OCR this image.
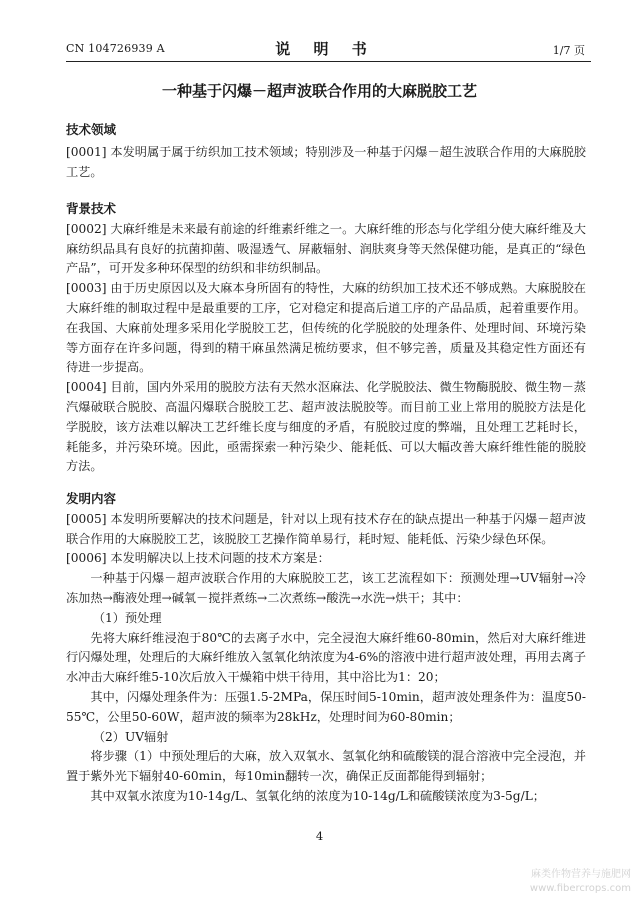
CN 104726939 A	说 明 书	1/7 页
一种基于闪爆－超声波联合作用的大麻脱胶工艺
技术领域
[0001] 本发明属于属于纺织加工技术领域；特别涉及一种基于闪爆－超生波联合作用的大麻脱胶工艺。
背景技术
[0002] 大麻纤维是未来最有前途的纤维素纤维之一。大麻纤维的形态与化学组分使大麻纤维及大麻纺织品具有良好的抗菌抑菌、吸湿透气、屏蔽辐射、润肤爽身等天然保健功能，是真正的“绿色产品”，可开发多种环保型的纺织和非纺织制品。
[0003] 由于历史原因以及大麻本身所固有的特性，大麻的纺织加工技术还不够成熟。大麻脱胶在大麻纤维的制取过程中是最重要的工序，它对稳定和提高后道工序的产品品质，起着重要作用。在我国、大麻前处理多采用化学脱胶工艺，但传统的化学脱胶的处理条件、处理时间、环境污染等方面存在许多问题，得到的精干麻虽然满足梳纺要求，但不够完善，质量及其稳定性方面还有待进一步提高。
[0004] 目前，国内外采用的脱胶方法有天然水沤麻法、化学脱胶法、微生物酶脱胶、微生物－蒸汽爆破联合脱胶、高温闪爆联合脱胶工艺、超声波法脱胶等。而目前工业上常用的脱胶方法是化学脱胶，该方法难以解决工艺纤维长度与细度的矛盾，有脱胶过度的弊端，且处理工艺耗时长，耗能多，并污染环境。因此，亟需探索一种污染少、能耗低、可以大幅改善大麻纤维性能的脱胶方法。
发明内容
[0005] 本发明所要解决的技术问题是，针对以上现有技术存在的缺点提出一种基于闪爆－超声波联合作用的大麻脱胶工艺，该脱胶工艺操作简单易行，耗时短、能耗低、污染少绿色环保。
[0006] 本发明解决以上技术问题的技术方案是：
一种基于闪爆－超声波联合作用的大麻脱胶工艺，该工艺流程如下：预测处理→UV辐射→冷冻加热→酶液处理→碱氧－搅拌煮练→二次煮练→酸洗→水洗→烘干；其中：
（1）预处理
先将大麻纤维浸泡于80℃的去离子水中，完全浸泡大麻纤维60-80min，然后对大麻纤维进行闪爆处理，处理后的大麻纤维放入氢氧化纳浓度为4-6%的溶液中进行超声波处理，再用去离子水冲击大麻纤维5-10次后放入干燥箱中烘干待用，其中浴比为1：20；
其中，闪爆处理条件为：压强1.5-2MPa，保压时间5-10min，超声波处理条件为：温度50-55℃，公里50-60W，超声波的频率为28kHz，处理时间为60-80min；
（2）UV辐射
将步骤（1）中预处理后的大麻，放入双氧水、氢氧化纳和硫酸镁的混合溶液中完全浸泡，并置于紫外光下辐射40-60min，每10min翻转一次，确保正反面都能得到辐射；
其中双氧水浓度为10-14g/L、氢氧化纳的浓度为10-14g/L和硫酸镁浓度为3-5g/L；
4
麻类作物营养与施肥网
www.fibercrops.com
